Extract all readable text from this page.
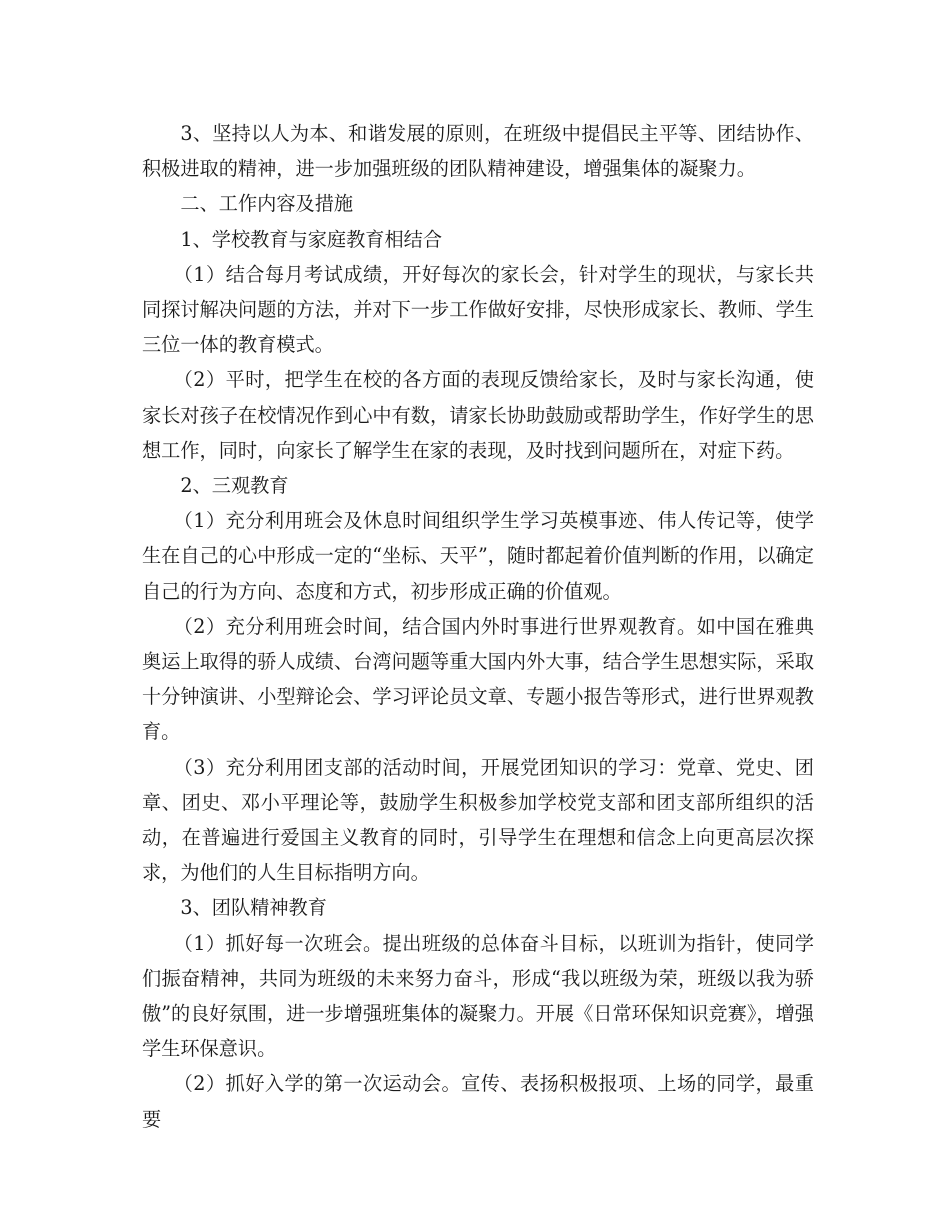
3、坚持以人为本、和谐发展的原则，在班级中提倡民主平等、团结协作、积极进取的精神，进一步加强班级的团队精神建设，增强集体的凝聚力。

二、工作内容及措施

1、学校教育与家庭教育相结合

（1）结合每月考试成绩，开好每次的家长会，针对学生的现状，与家长共同探讨解决问题的方法，并对下一步工作做好安排，尽快形成家长、教师、学生三位一体的教育模式。

（2）平时，把学生在校的各方面的表现反馈给家长，及时与家长沟通，使家长对孩子在校情况作到心中有数，请家长协助鼓励或帮助学生，作好学生的思想工作，同时，向家长了解学生在家的表现，及时找到问题所在，对症下药。

2、三观教育

（1）充分利用班会及休息时间组织学生学习英模事迹、伟人传记等，使学生在自己的心中形成一定的“坐标、天平”，随时都起着价值判断的作用，以确定自己的行为方向、态度和方式，初步形成正确的价值观。

（2）充分利用班会时间，结合国内外时事进行世界观教育。如中国在雅典奥运上取得的骄人成绩、台湾问题等重大国内外大事，结合学生思想实际，采取十分钟演讲、小型辩论会、学习评论员文章、专题小报告等形式，进行世界观教育。

（3）充分利用团支部的活动时间，开展党团知识的学习：党章、党史、团章、团史、邓小平理论等，鼓励学生积极参加学校党支部和团支部所组织的活动，在普遍进行爱国主义教育的同时，引导学生在理想和信念上向更高层次探求，为他们的人生目标指明方向。

3、团队精神教育

（1）抓好每一次班会。提出班级的总体奋斗目标，以班训为指针，使同学们振奋精神，共同为班级的未来努力奋斗，形成“我以班级为荣，班级以我为骄傲”的良好氛围，进一步增强班集体的凝聚力。开展《日常环保知识竞赛》，增强学生环保意识。

（2）抓好入学的第一次运动会。宣传、表扬积极报项、上场的同学，最重要
